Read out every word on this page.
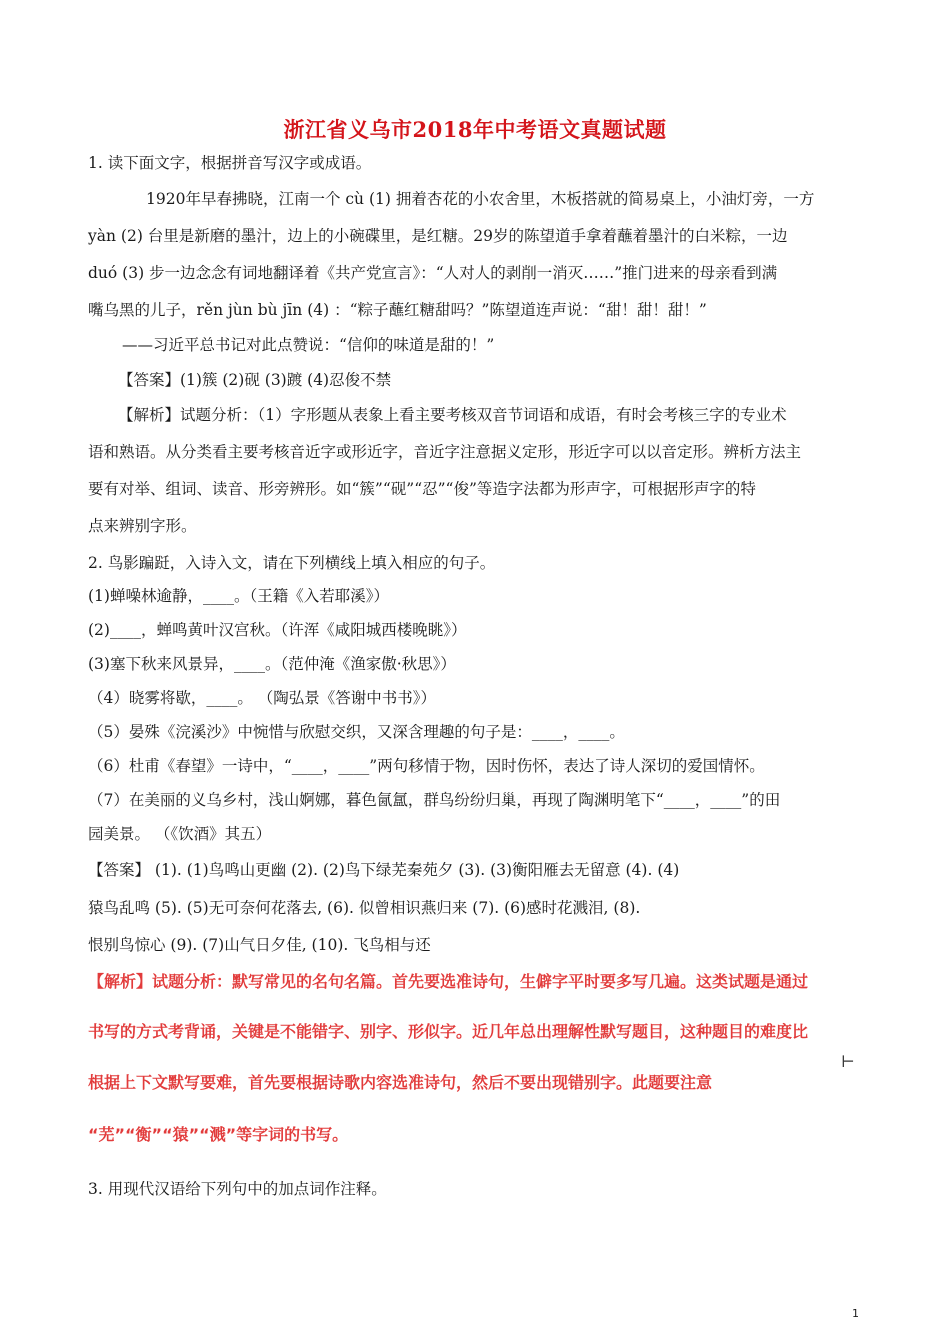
浙江省义乌市2018年中考语文真题试题
1. 读下面文字，根据拼音写汉字或成语。
1920年早春拂晓，江南一个 cù (1) 拥着杏花的小农舍里，木板搭就的简易桌上，小油灯旁，一方
yàn (2) 台里是新磨的墨汁，边上的小碗碟里，是红糖。29岁的陈望道手拿着蘸着墨汁的白米粽，一边
duó (3) 步一边念念有词地翻译着《共产党宣言》：“人对人的剥削一消灭……”推门进来的母亲看到满
嘴乌黑的儿子，rěn jùn bù jīn (4) ：“粽子蘸红糖甜吗？”陈望道连声说：“甜！甜！甜！”
——习近平总书记对此点赞说：“信仰的味道是甜的！”
【答案】(1)簇 (2)砚 (3)踱 (4)忍俊不禁
【解析】试题分析：（1）字形题从表象上看主要考核双音节词语和成语，有时会考核三字的专业术
语和熟语。从分类看主要考核音近字或形近字，音近字注意据义定形，形近字可以以音定形。辨析方法主
要有对举、组词、读音、形旁辨形。如“簇”“砚”“忍”“俊”等造字法都为形声字，可根据形声字的特
点来辨别字形。
2. 鸟影蹁跹，入诗入文，请在下列横线上填入相应的句子。
(1)蝉噪林逾静，____。（王籍《入若耶溪》）
(2)____，蝉鸣黄叶汉宫秋。（许浑《咸阳城西楼晚眺》）
(3)塞下秋来风景异，____。（范仲淹《渔家傲·秋思》）
（4）晓雾将歇，____。 （陶弘景《答谢中书书》）
（5）晏殊《浣溪沙》中惋惜与欣慰交织，又深含理趣的句子是：____，____。
（6）杜甫《春望》一诗中，“____，____”两句移情于物，因时伤怀，表达了诗人深切的爱国情怀。
（7）在美丽的义乌乡村，浅山婀娜，暮色氤氲，群鸟纷纷归巢，再现了陶渊明笔下“____，____”的田
园美景。 （《饮酒》其五）
【答案】 (1). (1)鸟鸣山更幽 (2). (2)鸟下绿芜秦苑夕 (3). (3)衡阳雁去无留意 (4). (4)
猿鸟乱鸣 (5). (5)无可奈何花落去, (6). 似曾相识燕归来 (7). (6)感时花溅泪, (8).
恨别鸟惊心 (9). (7)山气日夕佳, (10). 飞鸟相与还
【解析】试题分析：默写常见的名句名篇。首先要选准诗句，生僻字平时要多写几遍。这类试题是通过
书写的方式考背诵，关键是不能错字、别字、形似字。近几年总出理解性默写题目，这种题目的难度比
根据上下文默写要难，首先要根据诗歌内容选准诗句，然后不要出现错别字。此题要注意
“芜”“衡”“猿”“溅”等字词的书写。
⊢
3. 用现代汉语给下列句中的加点词作注释。
1
